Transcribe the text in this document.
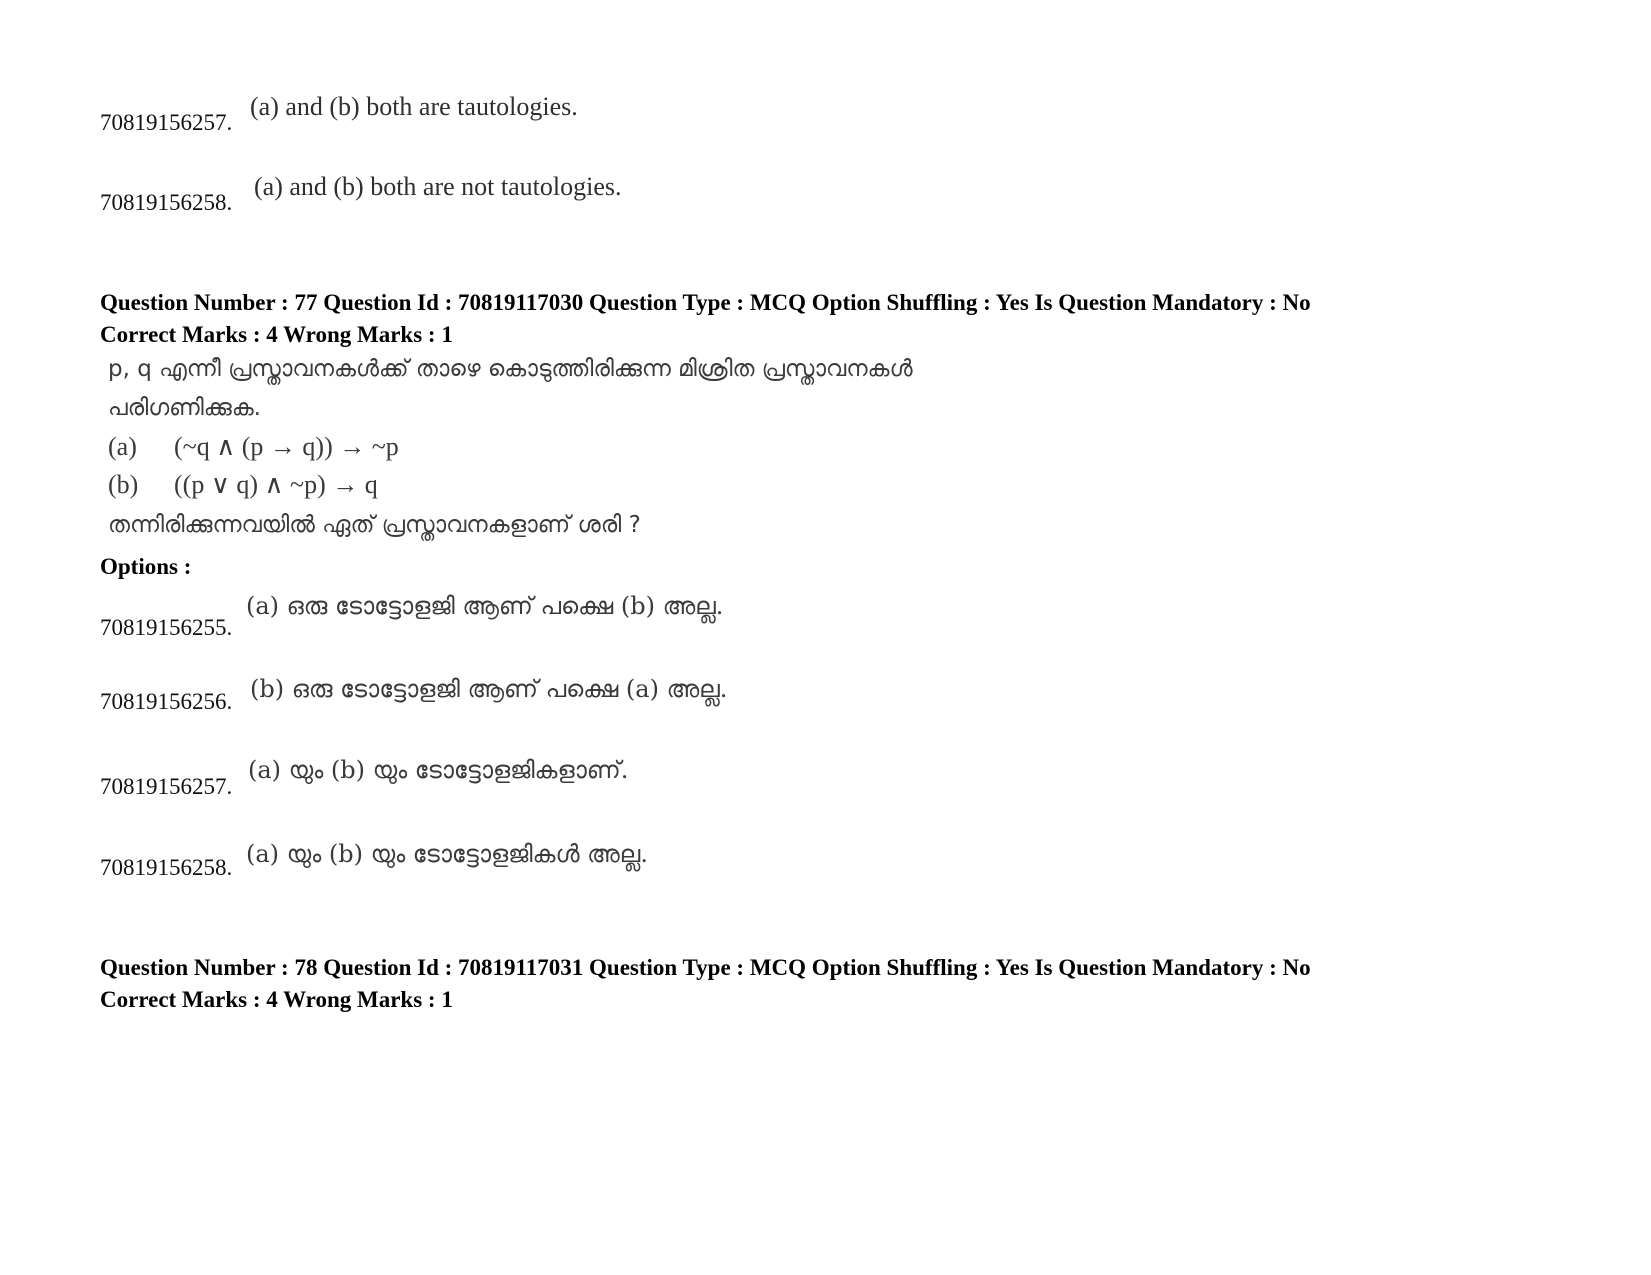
70819156257.
(a) and (b) both are tautologies.
70819156258.
(a) and (b) both are not tautologies.
Question Number : 77 Question Id : 70819117030 Question Type : MCQ Option Shuffling : Yes Is Question Mandatory : No
Correct Marks : 4 Wrong Marks : 1
p, q എന്നീ പ്രസ്താവനകൾക്ക് താഴെ കൊടുത്തിരിക്കുന്ന മിശ്രിത പ്രസ്താവനകൾ
പരിഗണിക്കുക.
(a) (~q ∧ (p → q)) → ~p
(b) ((p ∨ q) ∧ ~p) → q
തന്നിരിക്കുന്നവയിൽ ഏത് പ്രസ്താവനകളാണ് ശരി ?
Options :
70819156255.
(a) ഒരു ടോട്ടോളജി ആണ് പക്ഷെ (b) അല്ല.
70819156256. (b) ഒരു ടോട്ടോളജി ആണ് പക്ഷെ (a) അല്ല.
70819156257.
(a) യും (b) യും ടോട്ടോളജികളാണ്.
70819156258. (a) യും (b) യും ടോട്ടോളജികൾ അല്ല.
Question Number : 78 Question Id : 70819117031 Question Type : MCQ Option Shuffling : Yes Is Question Mandatory : No
Correct Marks : 4 Wrong Marks : 1
